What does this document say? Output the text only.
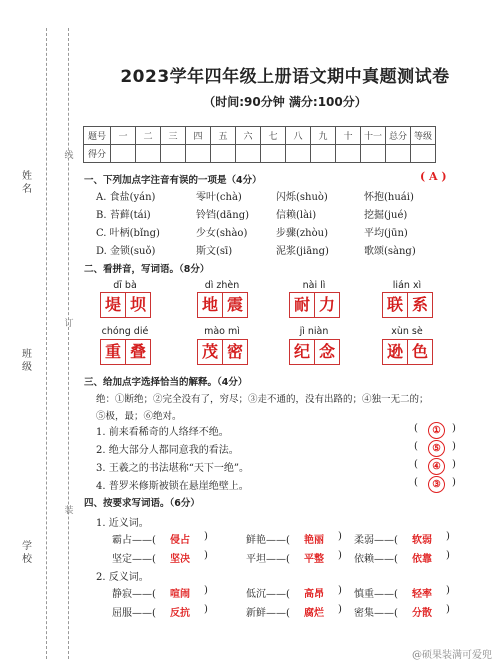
姓名
班级
学校
线
订
装
2023学年四年级上册语文期中真题测试卷
（时间:90分钟 满分:100分）
题号	一	二	三	四	五	六	七	八	九	十	十一	总分	等级
得分													
一、下列加点字注音有误的一项是（4分）	( A )
A. 食盐(yán)	零叶(chà)	闪烁(shuò)	怀抱(huái)
B. 苔藓(tái)	铃铛(dāng)	信赖(lài)	挖掘(jué)
C. 叶柄(bǐng)	少女(shào)	步骤(zhòu)	平均(jūn)
D. 金锁(suǒ)	斯文(sī)	泥浆(jiāng)	歌颂(sàng)
二、看拼音，写词语。（8分）
dī bà
堤 坝
dì zhèn
地 震
nài lì
耐 力
lián xì
联 系
chóng dié
重 叠
mào mì
茂 密
jì niàn
纪 念
xùn sè
逊 色
三、给加点字选择恰当的解释。（4分）
绝：①断绝；②完全没有了，穷尽；③走不通的，没有出路的；④独一无二的；
⑤极，最；⑥绝对。
1. 前来看稀奇的人络绎不绝。	(	①	)
2. 绝大部分人都同意我的看法。	(	⑤	)
3. 王羲之的书法堪称“天下一绝”。	(	④	)
4. 普罗米修斯被锁在悬崖绝壁上。	(	③	)
四、按要求写词语。（6分）
1. 近义词。
2. 反义词。
霸占——( 侵占 )	鲜艳——( 艳丽 ) 柔弱——( 软弱 )
坚定——( 坚决 )	平坦——( 平整 ) 依赖——( 依靠 )
静寂——( 喧闹 )	低沉——( 高昂 ) 慎重——( 轻率 )
屈服——( 反抗 )	新鲜——( 腐烂 ) 密集——( 分散 )
@硕果装满可爱兜
